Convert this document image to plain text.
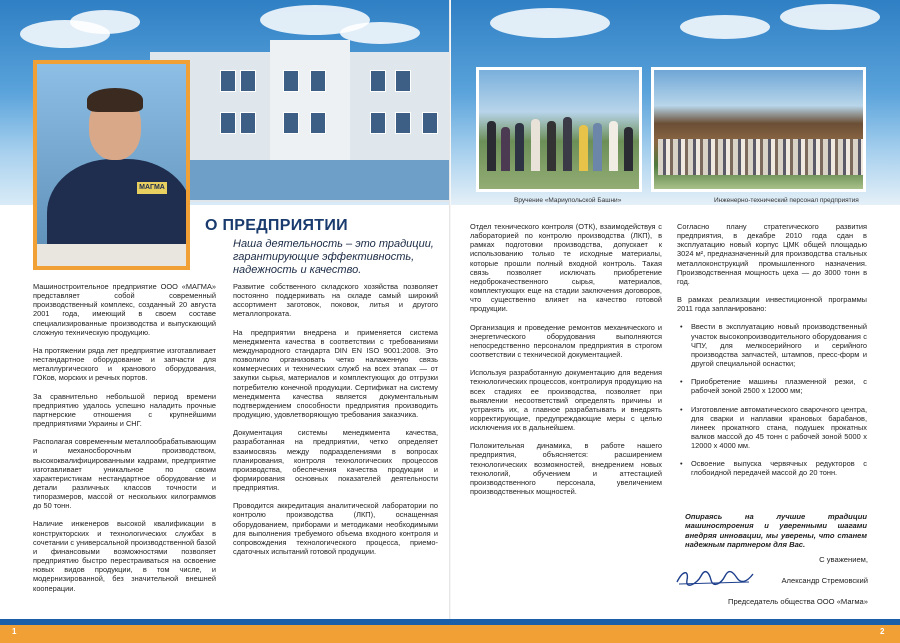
МАГМА
О ПРЕДПРИЯТИИ
Наша деятельность – это традиции, гарантирующие эффективность, надежность и качество.

Машиностроительное предприятие ООО «МАГМА» представляет собой современный производственный комплекс, созданный 20 августа 2001 года, имеющий в своем составе специализированные производства и выпускающий сложную техническую продукцию.

На протяжении ряда лет предприятие изготавливает нестандартное оборудование и запчасти для металлургического и кранового оборудования, ГОКов, морских и речных портов.

За сравнительно небольшой период времени предприятию удалось успешно наладить прочные партнерские отношения с крупнейшими предприятиями Украины и СНГ.

Располагая современным металлообрабатывающим и механосборочным производством, высококвалифицированными кадрами, предприятие изготавливает уникальное по своим характеристикам нестандартное оборудование и детали различных классов точности и типоразмеров, массой от нескольких килограммов до 50 тонн.

Наличие инженеров высокой квалификации в конструкторских и технологических службах в сочетании с универсальной производственной базой и финансовыми возможностями позволяет предприятию быстро перестраиваться на освоение новых видов продукции, в том числе, и модернизированной, без значительной внешней кооперации.

Развитие собственного складского хозяйства позволяет постоянно поддерживать на складе самый широкий ассортимент заготовок, поковок, литья и другого металлопроката.

На предприятии внедрена и применяется система менеджмента качества в соответствии с требованиями международного стандарта DIN EN ISO 9001:2008. Это позволило организовать четко налаженную связь коммерческих и технических служб на всех этапах — от закупки сырья, материалов и комплектующих до отгрузки потребителю конечной продукции. Сертификат на систему менеджмента качества является документальным подтверждением способности предприятия производить продукцию, удовлетворяющую требования заказчика.

Документация системы менеджмента качества, разработанная на предприятии, четко определяет взаимосвязь между подразделениями в вопросах планирования, контроля технологических процессов производства, обеспечения качества продукции и формирования основных показателей деятельности предприятия.

Проводится аккредитация аналитической лаборатории по контролю производства (ЛКП), оснащенная оборудованием, приборами и методиками необходимыми для выполнения требуемого объема входного контроля и сопровождения технологического процесса, приемо-сдаточных испытаний готовой продукции.

Вручение «Мариупольской Башни»	Инженерно-технический персонал предприятия

Отдел технического контроля (ОТК), взаимодействуя с лабораторией по контролю производства (ЛКП), в рамках подготовки производства, допускает к использованию только те исходные материалы, которые прошли полный входной контроль. Такая связь позволяет исключать приобретение недоброкачественного сырья, материалов, комплектующих еще на стадии заключения договоров, что существенно влияет на качество готовой продукции.

Организация и проведение ремонтов механического и энергетического оборудования выполняются непосредственно персоналом предприятия в строгом соответствии с технической документацией.

Используя разработанную документацию для ведения технологических процессов, контролируя продукцию на всех стадиях ее производства, позволяет при выявлении несоответствий определять причины и устранять их, а главное разрабатывать и внедрять корректирующие, предупреждающие меры с целью исключения их в дальнейшем.

Положительная динамика, в работе нашего предприятия, объясняется: расширением технологических возможностей, внедрением новых технологий, обучением и аттестацией производственного персонала, увеличением производственных мощностей.

Согласно плану стратегического развития предприятия, в декабре 2010 года сдан в эксплуатацию новый корпус ЦМК общей площадью 3024 м², предназначенный для производства стальных металлоконструкций промышленного назначения. Производственная мощность цеха — до 3000 тонн в год.

В рамках реализации инвестиционной программы 2011 года запланировано:

• Ввести в эксплуатацию новый производственный участок высокопроизводительного оборудования с ЧПУ, для мелкосерийного и серийного производства запчастей, штампов, пресс-форм и другой специальной оснастки;
• Приобретение машины плазменной резки, с рабочей зоной 2500 x 12000 мм;
• Изготовление автоматического сварочного центра, для сварки и наплавки крановых барабанов, линеек прокатного стана, подушек прокатных валков массой до 45 тонн с рабочей зоной 5000 x 12000 x 4000 мм.
• Освоение выпуска червячных редукторов с глобоидной передачей массой до 20 тонн.
Опираясь на лучшие традиции машиностроения и уверенными шагами внедряя инновации, мы уверены, что станем надежным партнером для Вас.
С уважением,
Александр Стремовский
Председатель общества ООО «Магма»
1	2
